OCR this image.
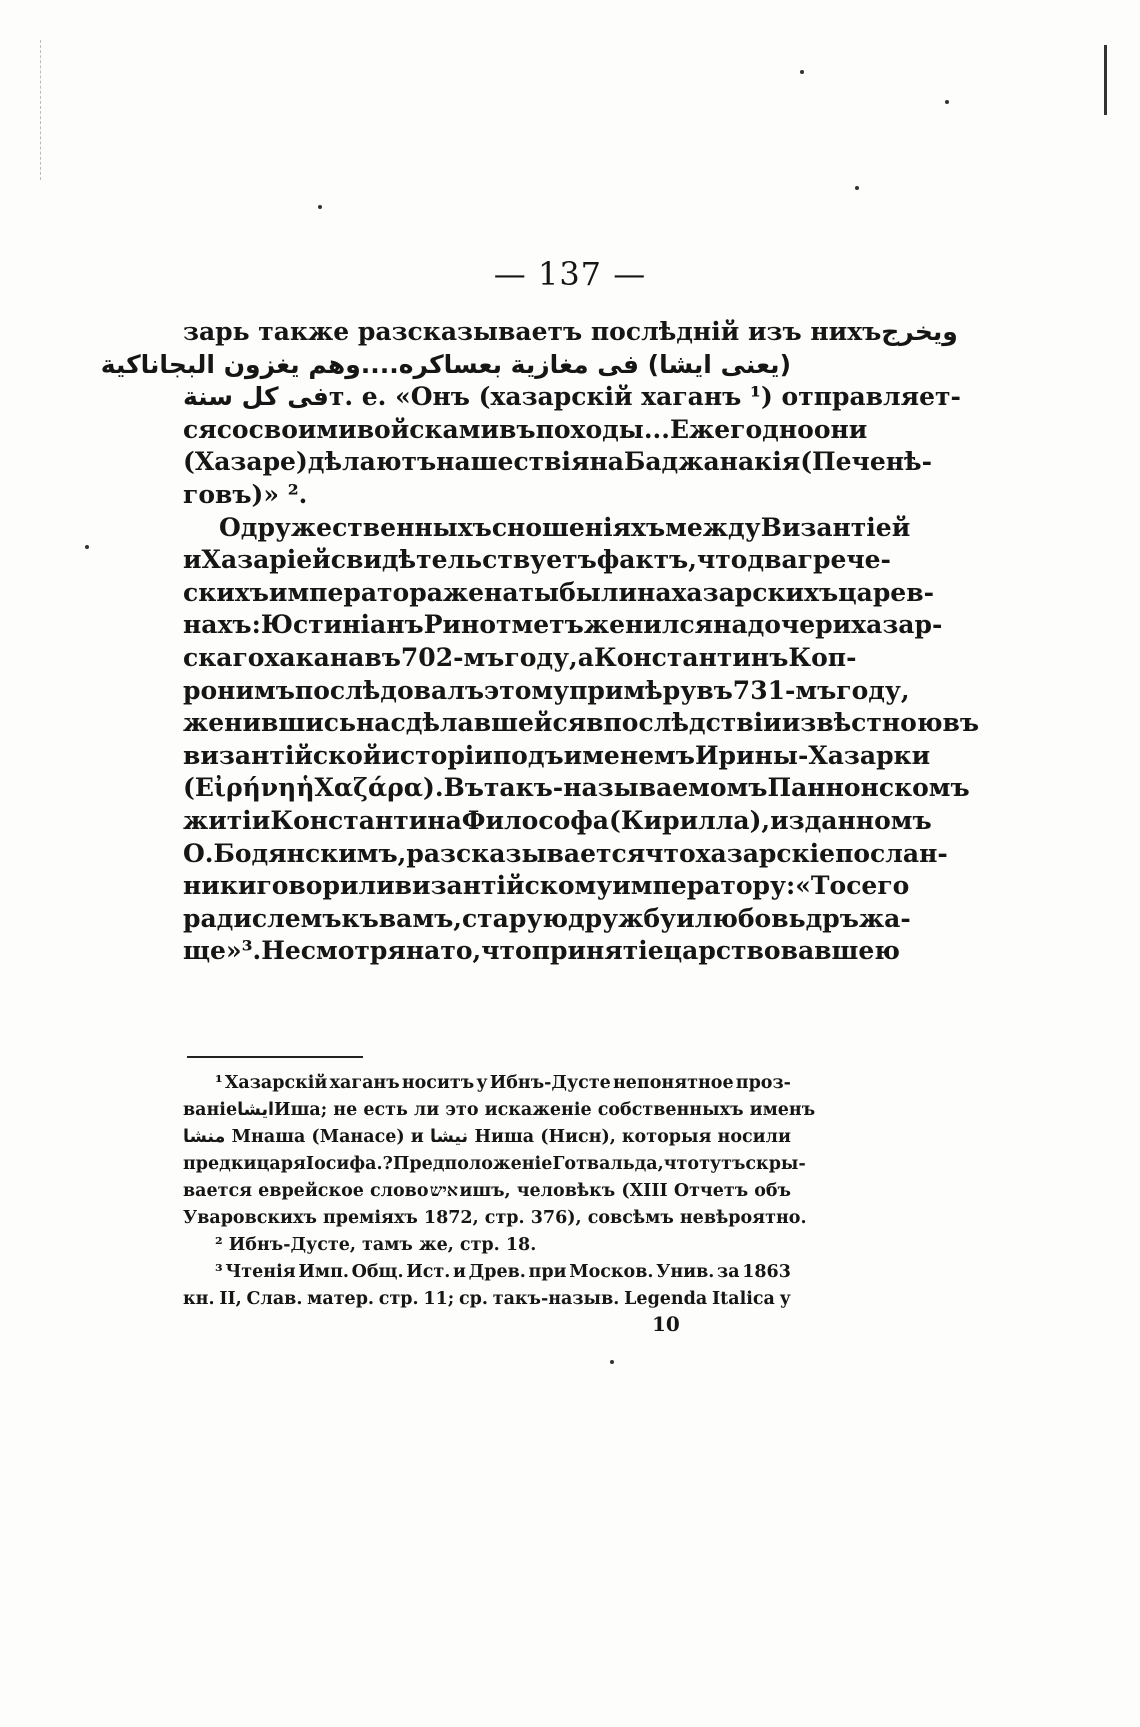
— 137 —
зарь также разсказываетъ послѣдній изъ нихъ ويخرج
(يعنى ايشا) فى مغازية بعساكره....وهم يغزون البجاناكية
فى كل سنة т. е. «Онъ (хазарскій хаганъ ¹) отправляет-
ся со своими войсками въ походы... Ежегодно они
(Хазаре) дѣлаютъ нашествія на Баджанакія (Печенѣ-
говъ)» ².
О дружественныхъ сношеніяхъ между Византіей
и Хазаріей свидѣтельствуетъ фактъ, что два грече-
скихъ императора женаты были на хазарскихъ царев-
нахъ: Юстиніанъ Ринотметъ женился на дочери хазар-
скаго хакана въ 702-мъ году, а Константинъ Коп-
ронимъ послѣдовалъ этому примѣру въ 731-мъ году,
женившись на сдѣлавшейся впослѣдствіи извѣстною въ
византійской исторіи подъ именемъ Ирины-Хазарки
(Εἰρήνη ἡ Χαζάρα). Въ такъ-называемомъ Паннонскомъ
житіи Константина Философа (Кирилла), изданномъ
О. Бодянскимъ, разсказывается что хазарскіе послан-
ники говорили византійскому императору: «То сего
ради слемъ къ вамъ, старую дружбу и любовь дръжа-
ще» ³. Несмотря на то, что принятіе царствовавшею
¹ Хазарскій хаганъ носитъ у Ибнъ-Дусте непонятное проз-
ваніе ايشا Иша; не есть ли это искаженіе собственныхъ именъ
منشا Мнаша (Манасе) и نيشا Ниша (Нисн), которыя носили
предки царя Іосифа.? Предположеніе Готвальда, что тутъ скры-
вается еврейское слово איש ишъ, человѣкъ (XIII Отчетъ объ
Уваровскихъ преміяхъ 1872, стр. 376), совсѣмъ невѣроятно.
² Ибнъ-Дусте, тамъ же, стр. 18.
³ Чтенія Имп. Общ. Ист. и Древ. при Москов. Унив. за 1863
кн. II, Слав. матер. стр. 11; ср. такъ-назыв. Legenda Italica у
10
